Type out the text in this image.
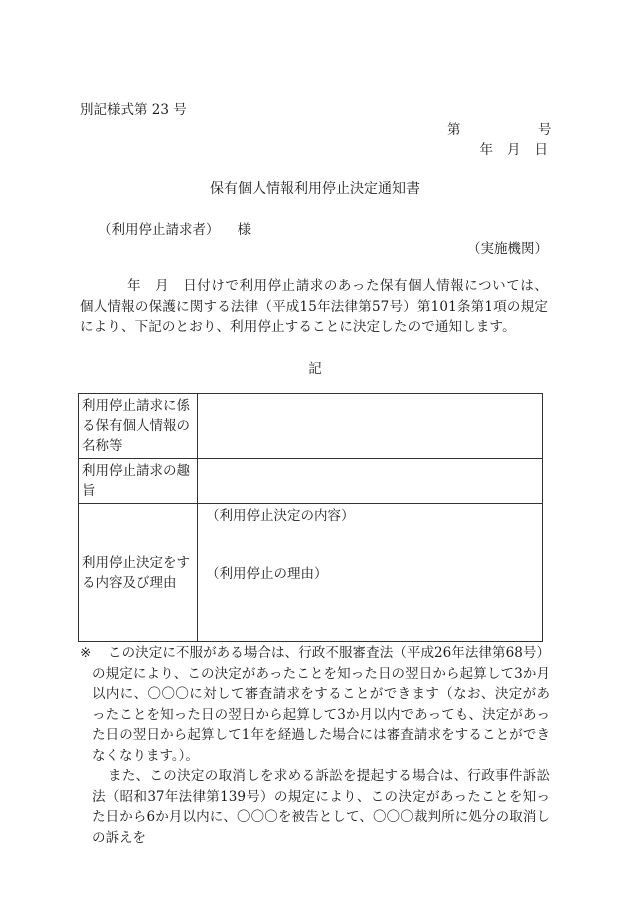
別記様式第 23 号
第	号
年 月 日
保有個人情報利用停止決定通知書
（利用停止請求者） 様
（実施機関）
年　月　日付けで利用停止請求のあった保有個人情報については、個人情報の保護に関する法律（平成15年法律第57号）第101条第1項の規定により、下記のとおり、利用停止することに決定したので通知します。
記
利用停止請求に係る保有個人情報の名称等	
利用停止請求の趣旨	
利用停止決定をする内容及び理由	（利用停止決定の内容）
（利用停止の理由）
※	この決定に不服がある場合は、行政不服審査法（平成26年法律第68号）の規定により、この決定があったことを知った日の翌日から起算して3か月以内に、〇〇〇に対して審査請求をすることができます（なお、決定があったことを知った日の翌日から起算して3か月以内であっても、決定があった日の翌日から起算して1年を経過した場合には審査請求をすることができなくなります。）。
また、この決定の取消しを求める訴訟を提起する場合は、行政事件訴訟法（昭和37年法律第139号）の規定により、この決定があったことを知った日から6か月以内に、〇〇〇を被告として、〇〇〇裁判所に処分の取消しの訴えを
